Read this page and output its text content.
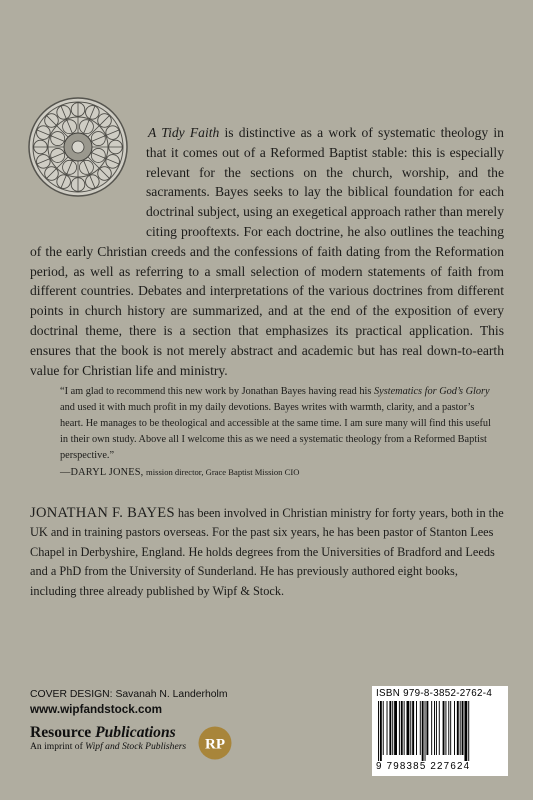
A Tidy Faith is distinctive as a work of systematic theology in that it comes out of a Reformed Baptist stable: this is especially relevant for the sections on the church, worship, and the sacraments. Bayes seeks to lay the biblical foundation for each doctrinal subject, using an exegetical approach rather than merely citing prooftexts. For each doctrine, he also outlines the teaching of the early Christian creeds and the confessions of faith dating from the Reformation period, as well as referring to a small selection of modern statements of faith from different countries. Debates and interpretations of the various doctrines from different points in church history are summarized, and at the end of the exposition of every doctrinal theme, there is a section that emphasizes its practical application. This ensures that the book is not merely abstract and academic but has real down-to-earth value for Christian life and ministry.
“I am glad to recommend this new work by Jonathan Bayes having read his Systematics for God’s Glory and used it with much profit in my daily devotions. Bayes writes with warmth, clarity, and a pastor’s heart. He manages to be theological and accessible at the same time. I am sure many will find this useful in their own study. Above all I welcome this as we need a systematic theology from a Reformed Baptist perspective.”
—DARYL JONES, mission director, Grace Baptist Mission CIO
JONATHAN F. BAYES has been involved in Christian ministry for forty years, both in the UK and in training pastors overseas. For the past six years, he has been pastor of Stanton Lees Chapel in Derbyshire, England. He holds degrees from the Universities of Bradford and Leeds and a PhD from the University of Sunderland. He has previously authored eight books, including three already published by Wipf & Stock.
COVER DESIGN: Savanah N. Landerholm
www.wipfandstock.com
Resource Publications
An imprint of Wipf and Stock Publishers RP
ISBN 979-8-3852-2762-4
9 798385 227624
